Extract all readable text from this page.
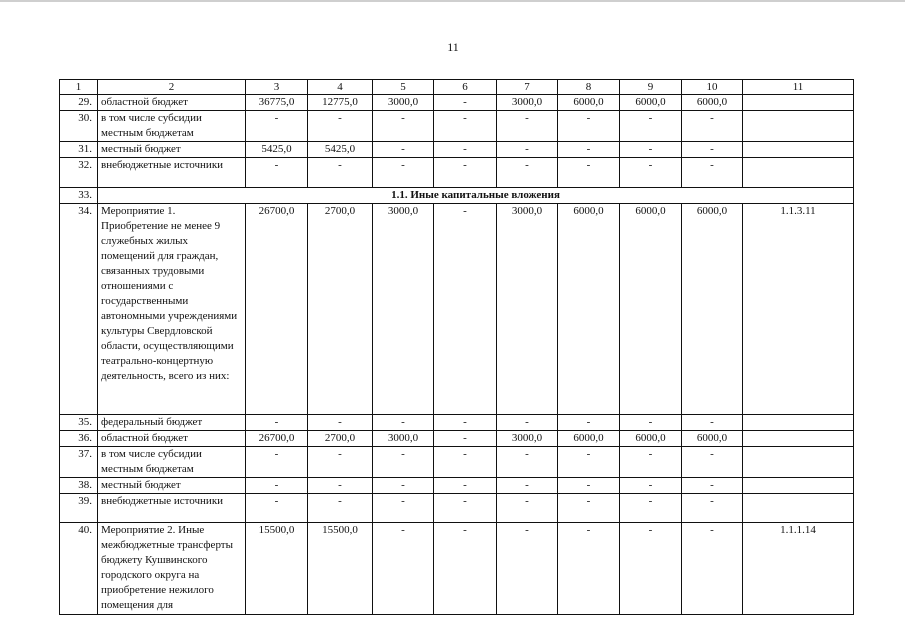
11
1	2	3	4	5	6	7	8	9	10	11
29.	областной бюджет	36775,0	12775,0	3000,0	-	3000,0	6000,0	6000,0	6000,0	
30.	в том числе субсидии местным бюджетам	-	-	-	-	-	-	-	-	
31.	местный бюджет	5425,0	5425,0	-	-	-	-	-	-	
32.	внебюджетные источники	-	-	-	-	-	-	-	-	
33.	1.1. Иные капитальные вложения									
34.	Мероприятие 1. Приобретение не менее 9 служебных жилых помещений для граждан, связанных трудовыми отношениями с государственными автономными учреждениями культуры Свердловской области, осуществляющими театрально-концертную деятельность, всего из них:	26700,0	2700,0	3000,0	-	3000,0	6000,0	6000,0	6000,0	1.1.3.11
35.	федеральный бюджет	-	-	-	-	-	-	-	-	
36.	областной бюджет	26700,0	2700,0	3000,0	-	3000,0	6000,0	6000,0	6000,0	
37.	в том числе субсидии местным бюджетам	-	-	-	-	-	-	-	-	
38.	местный бюджет	-	-	-	-	-	-	-	-	
39.	внебюджетные источники	-	-	-	-	-	-	-	-	
40.	Мероприятие 2. Иные межбюджетные трансферты бюджету Кушвинского городского округа на приобретение нежилого помещения для	15500,0	15500,0	-	-	-	-	-	-	1.1.1.14
